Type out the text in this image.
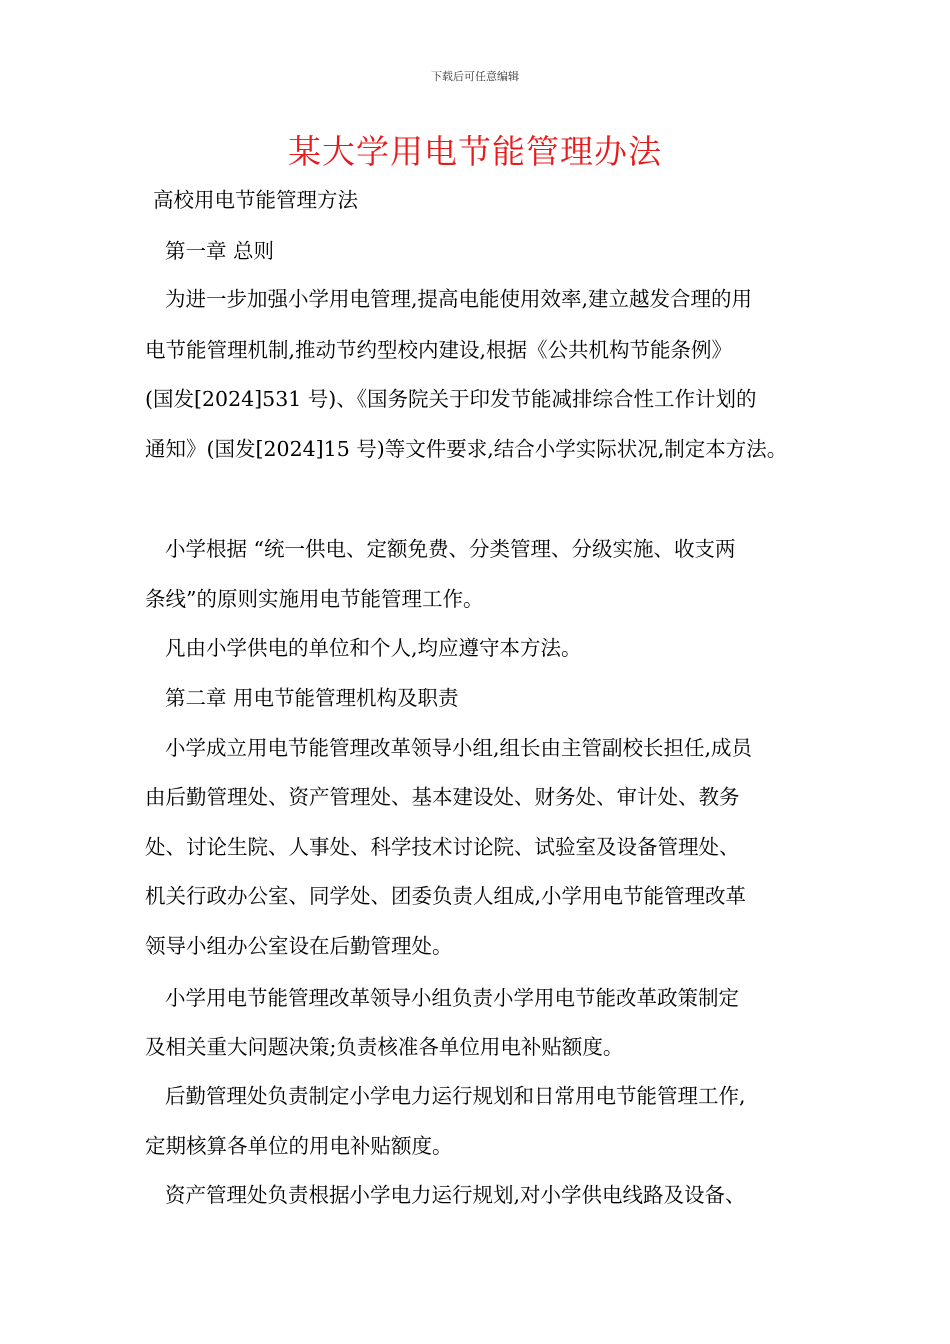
下载后可任意编辑
某大学用电节能管理办法
高校用电节能管理方法
第一章 总则
为进一步加强小学用电管理,提高电能使用效率,建立越发合理的用
电节能管理机制,推动节约型校内建设,根据《公共机构节能条例》
(国发[2024]531 号)、《国务院关于印发节能减排综合性工作计划的
通知》(国发[2024]15 号)等文件要求,结合小学实际状况,制定本方法。
小学根据 “统一供电、定额免费、分类管理、分级实施、收支两
条线”的原则实施用电节能管理工作。
凡由小学供电的单位和个人,均应遵守本方法。
第二章 用电节能管理机构及职责
小学成立用电节能管理改革领导小组,组长由主管副校长担任,成员
由后勤管理处、资产管理处、基本建设处、财务处、审计处、教务
处、讨论生院、人事处、科学技术讨论院、试验室及设备管理处、
机关行政办公室、同学处、团委负责人组成,小学用电节能管理改革
领导小组办公室设在后勤管理处。
小学用电节能管理改革领导小组负责小学用电节能改革政策制定
及相关重大问题决策;负责核准各单位用电补贴额度。
后勤管理处负责制定小学电力运行规划和日常用电节能管理工作,
定期核算各单位的用电补贴额度。
资产管理处负责根据小学电力运行规划,对小学供电线路及设备、
